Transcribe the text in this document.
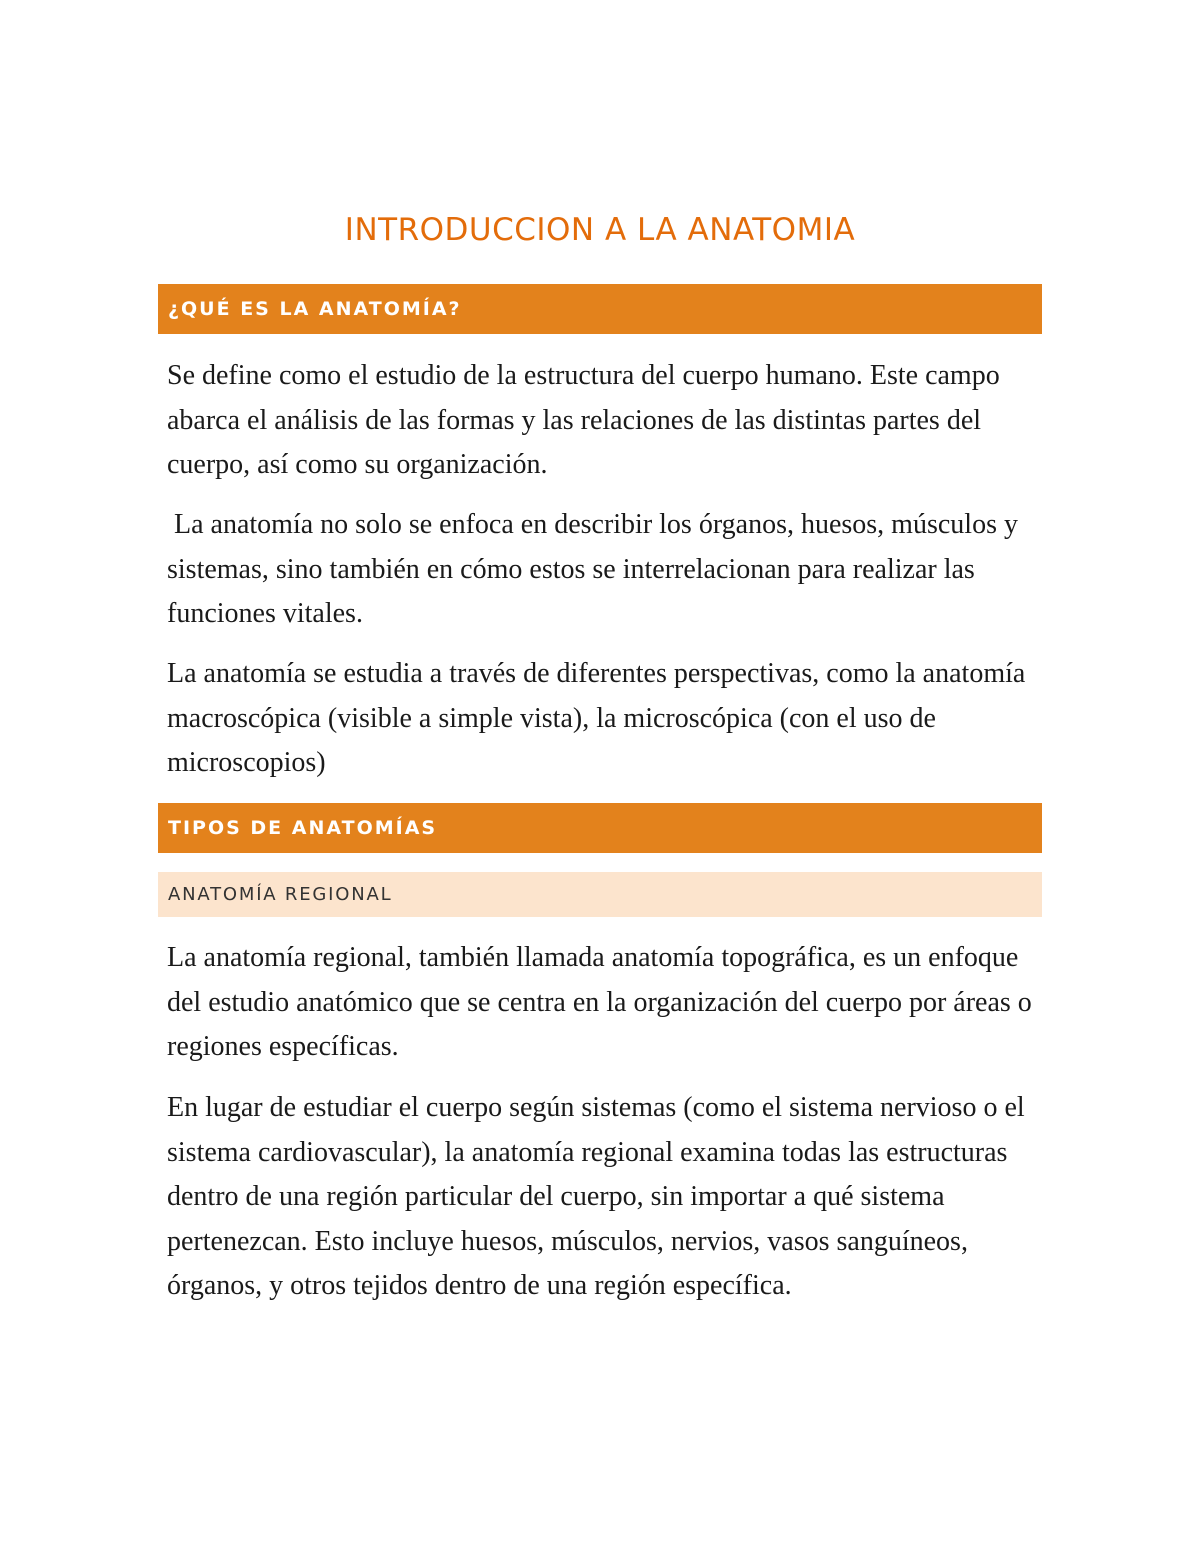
INTRODUCCION A LA ANATOMIA
¿QUÉ ES LA ANATOMÍA?

Se define como el estudio de la estructura del cuerpo humano. Este campo abarca el análisis de las formas y las relaciones de las distintas partes del cuerpo, así como su organización.

La anatomía no solo se enfoca en describir los órganos, huesos, músculos y sistemas, sino también en cómo estos se interrelacionan para realizar las funciones vitales.

La anatomía se estudia a través de diferentes perspectivas, como la anatomía macroscópica (visible a simple vista), la microscópica (con el uso de microscopios)

TIPOS DE ANATOMÍAS
ANATOMÍA REGIONAL

La anatomía regional, también llamada anatomía topográfica, es un enfoque del estudio anatómico que se centra en la organización del cuerpo por áreas o regiones específicas.

En lugar de estudiar el cuerpo según sistemas (como el sistema nervioso o el sistema cardiovascular), la anatomía regional examina todas las estructuras dentro de una región particular del cuerpo, sin importar a qué sistema pertenezcan. Esto incluye huesos, músculos, nervios, vasos sanguíneos, órganos, y otros tejidos dentro de una región específica.
